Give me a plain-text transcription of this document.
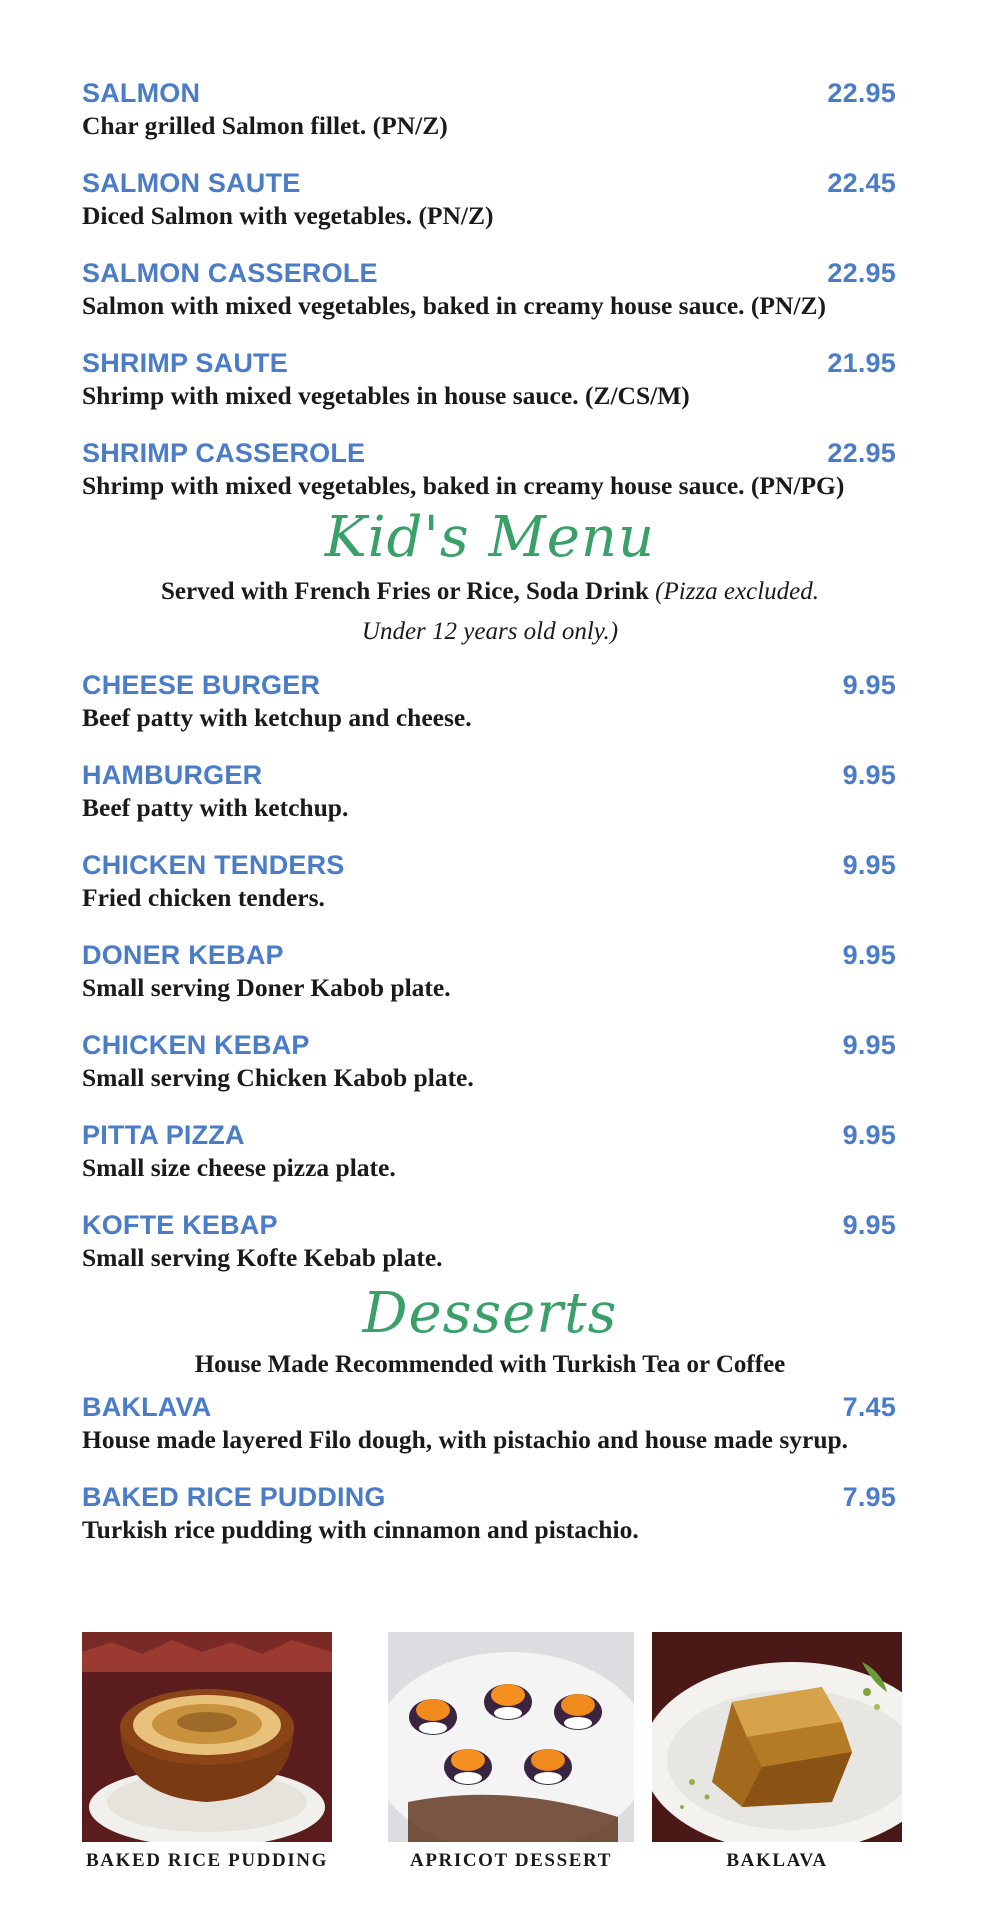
SALMON	22.95
Char grilled Salmon fillet. (PN/Z)
SALMON SAUTE	22.45
Diced Salmon with vegetables. (PN/Z)
SALMON CASSEROLE	22.95
Salmon with mixed vegetables, baked in creamy house sauce. (PN/Z)
SHRIMP SAUTE	21.95
Shrimp with mixed vegetables in house sauce. (Z/CS/M)
SHRIMP CASSEROLE	22.95
Shrimp with mixed vegetables, baked in creamy house sauce. (PN/PG)
Kid's Menu
Served with French Fries or Rice, Soda Drink (Pizza excluded.
Under 12 years old only.)
CHEESE BURGER	9.95
Beef patty with ketchup and cheese.
HAMBURGER	9.95
Beef patty with ketchup.
CHICKEN TENDERS	9.95
Fried chicken tenders.
DONER KEBAP	9.95
Small serving Doner Kabob plate.
CHICKEN KEBAP	9.95
Small serving Chicken Kabob plate.
PITTA PIZZA	9.95
Small size cheese pizza plate.
KOFTE KEBAP	9.95
Small serving Kofte Kebab plate.
Desserts
House Made Recommended with Turkish Tea or Coffee
BAKLAVA	7.45
House made layered Filo dough, with pistachio and house made syrup.
BAKED RICE PUDDING	7.95
Turkish rice pudding with cinnamon and pistachio.
BAKED RICE PUDDING	APRICOT DESSERT	BAKLAVA
